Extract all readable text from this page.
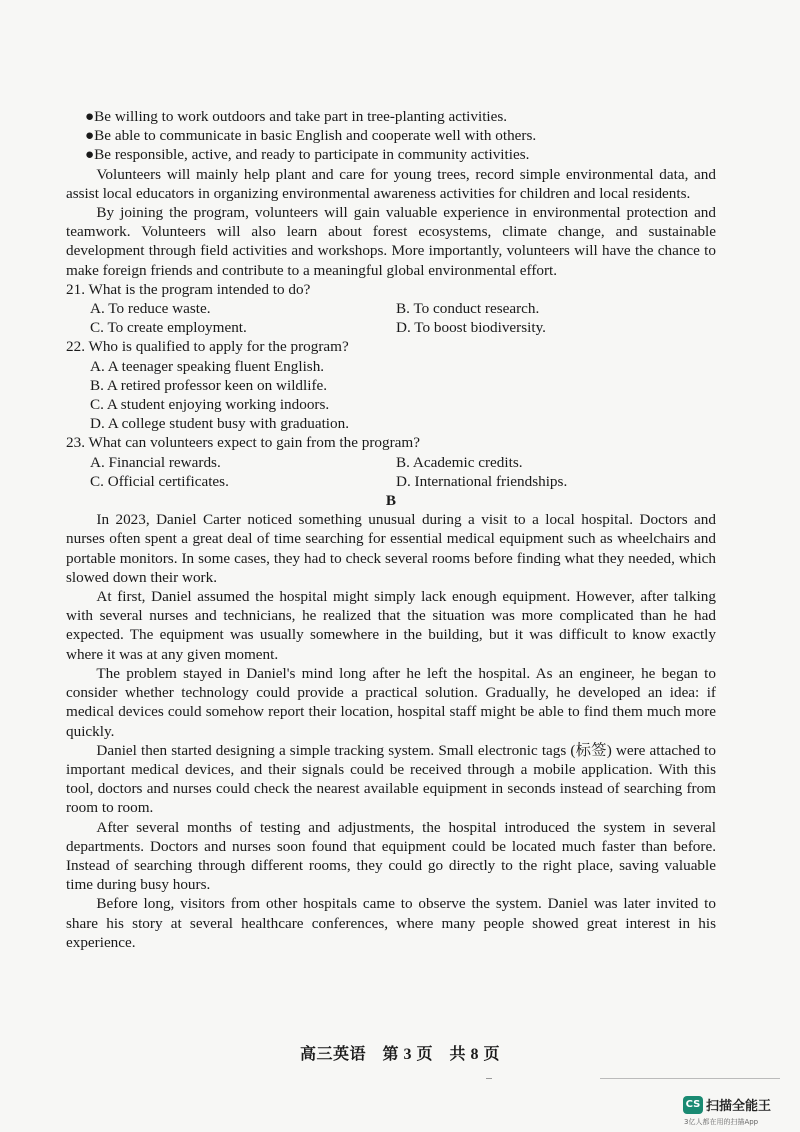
●Be willing to work outdoors and take part in tree-planting activities.

●Be able to communicate in basic English and cooperate well with others.

●Be responsible, active, and ready to participate in community activities.

Volunteers will mainly help plant and care for young trees, record simple environmental data, and assist local educators in organizing environmental awareness activities for children and local residents.

By joining the program, volunteers will gain valuable experience in environmental protection and teamwork. Volunteers will also learn about forest ecosystems, climate change, and sustainable development through field activities and workshops. More importantly, volunteers will have the chance to make foreign friends and contribute to a meaningful global environmental effort.

21. What is the program intended to do?

A. To reduce waste.	B. To conduct research.
C. To create employment.	D. To boost biodiversity.

22. Who is qualified to apply for the program?

A. A teenager speaking fluent English.

B. A retired professor keen on wildlife.

C. A student enjoying working indoors.

D. A college student busy with graduation.

23. What can volunteers expect to gain from the program?

A. Financial rewards.	B. Academic credits.
C. Official certificates.	D. International friendships.

B

In 2023, Daniel Carter noticed something unusual during a visit to a local hospital. Doctors and nurses often spent a great deal of time searching for essential medical equipment such as wheelchairs and portable monitors. In some cases, they had to check several rooms before finding what they needed, which slowed down their work.

At first, Daniel assumed the hospital might simply lack enough equipment. However, after talking with several nurses and technicians, he realized that the situation was more complicated than he had expected. The equipment was usually somewhere in the building, but it was difficult to know exactly where it was at any given moment.

The problem stayed in Daniel's mind long after he left the hospital. As an engineer, he began to consider whether technology could provide a practical solution. Gradually, he developed an idea: if medical devices could somehow report their location, hospital staff might be able to find them much more quickly.

Daniel then started designing a simple tracking system. Small electronic tags (标签) were attached to important medical devices, and their signals could be received through a mobile application. With this tool, doctors and nurses could check the nearest available equipment in seconds instead of searching from room to room.

After several months of testing and adjustments, the hospital introduced the system in several departments. Doctors and nurses soon found that equipment could be located much faster than before. Instead of searching through different rooms, they could go directly to the right place, saving valuable time during busy hours.

Before long, visitors from other hospitals came to observe the system. Daniel was later invited to share his story at several healthcare conferences, where many people showed great interest in his experience.

高三英语　第 3 页　共 8 页
CS 扫描全能王
3亿人都在用的扫描App
